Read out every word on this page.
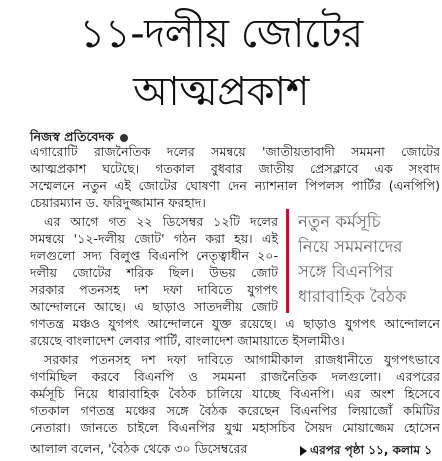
১১-দলীয় জোটের
আত্মপ্রকাশ
নিজস্ব প্রতিবেদক
এগারোটি রাজনৈতিক দলের সমন্বয়ে 'জাতীয়তাবাদী সমমনা জোটের
আত্মপ্রকাশ ঘটেছে। গতকাল বুধবার জাতীয় প্রেসক্লাবে এক সংবাদ
সম্মেলনে নতুন এই জোটের ঘোষণা দেন ন্যাশনাল পিপলস পার্টির (এনপিপি)
চেয়ারম্যান ড. ফরিদুজ্জামান ফরহাদ।
এর আগে গত ২২ ডিসেম্বর ১২টি দলের
সমন্বয়ে '১২-দলীয় জোট' গঠন করা হয়। এই
দলগুলো সদ্য বিলুপ্ত বিএনপি নেতৃত্বাধীন ২০-
দলীয় জোটের শরিক ছিল। উভয় জোট
সরকার পতনসহ দশ দফা দাবিতে যুগপৎ
আন্দোলনে আছে। এ ছাড়াও সাতদলীয় জোট
নতুন কর্মসূচি
নিয়ে সমমনাদের
সঙ্গে বিএনপির
ধারাবাহিক বৈঠক
গণতন্ত্র মঞ্চও যুগপৎ আন্দোলনে যুক্ত রয়েছে। এ ছাড়াও যুগপৎ আন্দোলনে
রয়েছে বাংলাদেশ লেবার পার্টি, বাংলাদেশ জামায়াতে ইসলামীও।
সরকার পতনসহ দশ দফা দাবিতে আগামীকাল রাজধানীতে যুগপৎভাবে
গণমিছিল করবে বিএনপি ও সমমনা রাজনৈতিক দলগুলো। এরপরের
কর্মসূচি নিয়ে ধারাবাহিক বৈঠক চালিয়ে যাচ্ছে বিএনপি। এর অংশ হিসেবে
গতকাল গণতন্ত্র মঞ্চের সঙ্গে বৈঠক করেছেন বিএনপির লিয়াজোঁ কমিটির
নেতারা। জানতে চাইলে বিএনপির যুগ্ম মহাসচিব সৈয়দ মোয়াজ্জেম হোসেন
আলাল বলেন, 'বৈঠক থেকে ৩০ ডিসেম্বরের	এরপর পৃষ্ঠা ১১, কলাম ১
